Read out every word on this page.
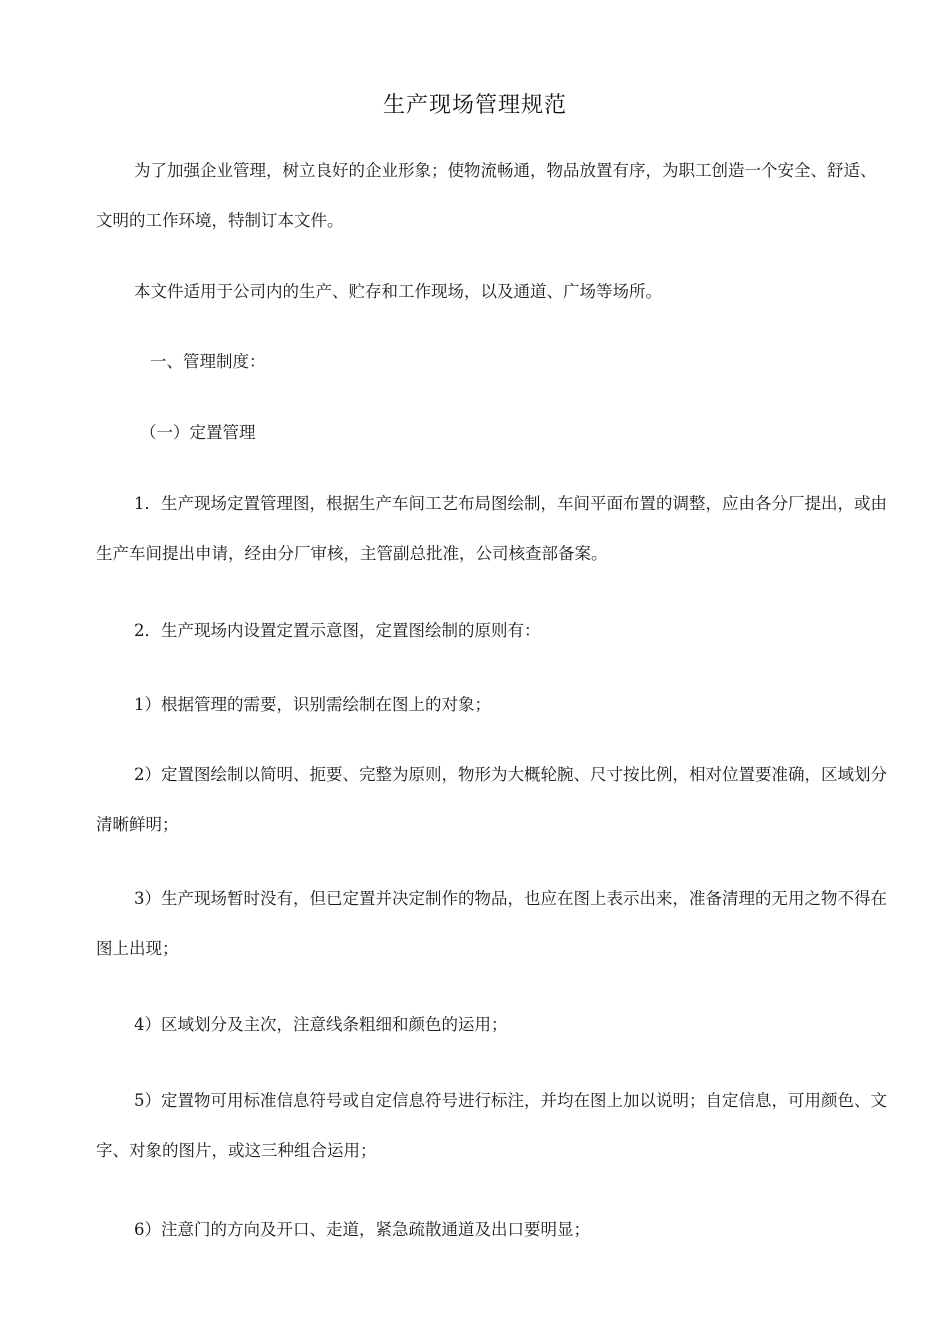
生产现场管理规范

为了加强企业管理，树立良好的企业形象；使物流畅通，物品放置有序，为职工创造一个安全、舒适、文明的工作环境，特制订本文件。

本文件适用于公司内的生产、贮存和工作现场，以及通道、广场等场所。

一、管理制度：

（一）定置管理

1．生产现场定置管理图，根据生产车间工艺布局图绘制，车间平面布置的调整，应由各分厂提出，或由生产车间提出申请，经由分厂审核，主管副总批准，公司核查部备案。

2．生产现场内设置定置示意图，定置图绘制的原则有：

1）根据管理的需要，识别需绘制在图上的对象；

2）定置图绘制以简明、扼要、完整为原则，物形为大概轮腕、尺寸按比例，相对位置要准确，区域划分清晰鲜明；

3）生产现场暂时没有，但已定置并决定制作的物品，也应在图上表示出来，准备清理的无用之物不得在图上出现；

4）区域划分及主次，注意线条粗细和颜色的运用；

5）定置物可用标准信息符号或自定信息符号进行标注，并均在图上加以说明；自定信息，可用颜色、文字、对象的图片，或这三种组合运用；

6）注意门的方向及开口、走道，紧急疏散通道及出口要明显；
